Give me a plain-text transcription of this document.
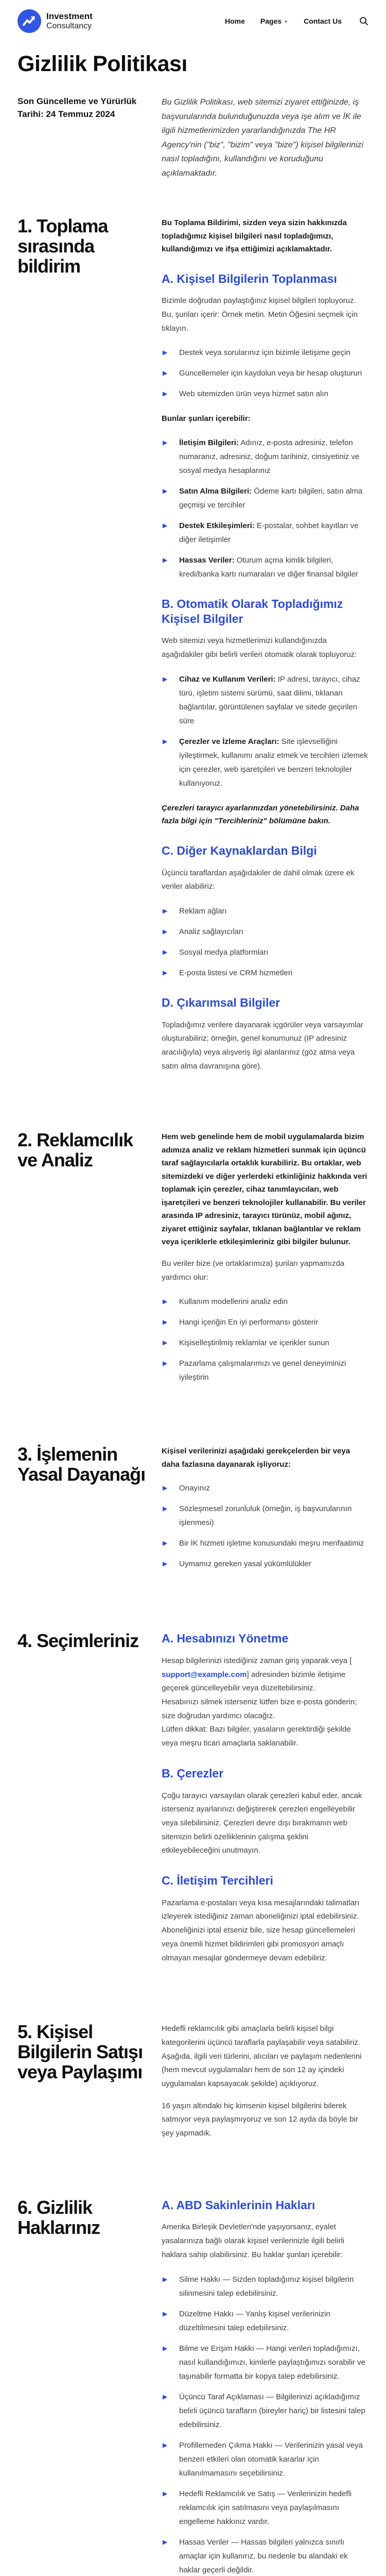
Investment
Consultancy
Home Pages ▼ Contact Us
Gizlilik Politikası
Son Güncelleme ve Yürürlük Tarihi: 24 Temmuz 2024
Bu Gizlilik Politikası, web sitemizi ziyaret ettiğinizde, iş başvurularında bulunduğunuzda veya işe alım ve İK ile ilgili hizmetlerimizden yararlandığınızda The HR Agency'nin ("biz", "bizim" veya "bize") kişisel bilgilerinizi nasıl topladığını, kullandığını ve koruduğunu açıklamaktadır.
1. Toplama sırasında bildirim

Bu Toplama Bildirimi, sizden veya sizin hakkınızda topladığımız kişisel bilgileri nasıl topladığımızı, kullandığımızı ve ifşa ettiğimizi açıklamaktadır.

A. Kişisel Bilgilerin Toplanması

Bizimle doğrudan paylaştığınız kişisel bilgileri topluyoruz. Bu, şunları içerir: Örnek metin. Metin Öğesini seçmek için tıklayın.

▶ Destek veya sorularınız için bizimle iletişime geçin
▶ Güncellemeler için kaydolun veya bir hesap oluşturun
▶ Web sitemizden ürün veya hizmet satın alın

Bunlar şunları içerebilir:

▶ İletişim Bilgileri: Adınız, e-posta adresiniz, telefon numaranız, adresiniz, doğum tarihiniz, cinsiyetiniz ve sosyal medya hesaplarınız
▶ Satın Alma Bilgileri: Ödeme kartı bilgileri, satın alma geçmişi ve tercihler
▶ Destek Etkileşimleri: E-postalar, sohbet kayıtları ve diğer iletişimler
▶ Hassas Veriler: Oturum açma kimlik bilgileri, kredi/banka kartı numaraları ve diğer finansal bilgiler
B. Otomatik Olarak Topladığımız Kişisel Bilgiler

Web sitemizi veya hizmetlerimizi kullandığınızda aşağıdakiler gibi belirli verileri otomatik olarak topluyoruz:

▶ Cihaz ve Kullanım Verileri: IP adresi, tarayıcı, cihaz türü, işletim sistemi sürümü, saat dilimi, tıklanan bağlantılar, görüntülenen sayfalar ve sitede geçirilen süre
▶ Çerezler ve İzleme Araçları: Site işlevselliğini iyileştirmek, kullanımı analiz etmek ve tercihleri izlemek için çerezler, web işaretçileri ve benzeri teknolojiler kullanıyoruz.

Çerezleri tarayıcı ayarlarınızdan yönetebilirsiniz. Daha fazla bilgi için "Tercihleriniz" bölümüne bakın.

C. Diğer Kaynaklardan Bilgi

Üçüncü taraflardan aşağıdakiler de dahil olmak üzere ek veriler alabiliriz:

▶ Reklam ağları
▶ Analiz sağlayıcıları
▶ Sosyal medya platformları
▶ E-posta listesi ve CRM hizmetleri
D. Çıkarımsal Bilgiler

Topladığımız verilere dayanarak içgörüler veya varsayımlar oluşturabiliriz; örneğin, genel konumunuz (IP adresiniz aracılığıyla) veya alışveriş ilgi alanlarınız (göz atma veya satın alma davranışına göre).

2. Reklamcılık ve Analiz

Hem web genelinde hem de mobil uygulamalarda bizim adımıza analiz ve reklam hizmetleri sunmak için üçüncü taraf sağlayıcılarla ortaklık kurabiliriz. Bu ortaklar, web sitemizdeki ve diğer yerlerdeki etkinliğiniz hakkında veri toplamak için çerezler, cihaz tanımlayıcıları, web işaretçileri ve benzeri teknolojiler kullanabilir. Bu veriler arasında IP adresiniz, tarayıcı türünüz, mobil ağınız, ziyaret ettiğiniz sayfalar, tıklanan bağlantılar ve reklam veya içeriklerle etkileşimleriniz gibi bilgiler bulunur.

Bu veriler bize (ve ortaklarımıza) şunları yapmamızda yardımcı olur:

▶ Kullanım modellerini analiz edin
▶ Hangi içeriğin En iyi performansı gösterir
▶ Kişiselleştirilmiş reklamlar ve içerikler sunun
▶ Pazarlama çalışmalarımızı ve genel deneyiminizi iyileştirin
3. İşlemenin Yasal Dayanağı

Kişisel verilerinizi aşağıdaki gerekçelerden bir veya daha fazlasına dayanarak işliyoruz:

▶ Onayınız
▶ Sözleşmesel zorunluluk (örneğin, iş başvurularının işlenmesi)
▶ Bir İK hizmeti işletme konusundaki meşru menfaatimiz
▶ Uymamız gereken yasal yükümlülükler
4. Seçimleriniz	A. Hesabınızı Yönetme

Hesap bilgilerinizi istediğiniz zaman giriş yaparak veya [ support@example.com] adresinden bizimle iletişime geçerek güncelleyebilir veya düzeltebilirsiniz.
Hesabınızı silmek isterseniz lütfen bize e-posta gönderin; size doğrudan yardımcı olacağız.
Lütfen dikkat: Bazı bilgiler, yasaların gerektirdiği şekilde veya meşru ticari amaçlarla saklanabilir.

B. Çerezler

Çoğu tarayıcı varsayılan olarak çerezleri kabul eder, ancak isterseniz ayarlarınızı değiştirerek çerezleri engelleyebilir veya silebilirsiniz. Çerezleri devre dışı bırakmanın web sitemizin belirli özelliklerinin çalışma şeklini etkileyebileceğini unutmayın.

C. İletişim Tercihleri

Pazarlama e-postaları veya kısa mesajlarındaki talimatları izleyerek istediğiniz zaman aboneliğinizi iptal edebilirsiniz. Aboneliğinizi iptal etseniz bile, size hesap güncellemeleri veya önemli hizmet bildirimleri gibi promosyon amaçlı olmayan mesajlar göndermeye devam edebiliriz.

5. Kişisel Bilgilerin Satışı veya Paylaşımı

Hedefli reklamcılık gibi amaçlarla belirli kişisel bilgi kategorilerini üçüncü taraflarla paylaşabilir veya satabiliriz. Aşağıda, ilgili veri türlerini, alıcıları ve paylaşım nedenlerini (hem mevcut uygulamaları hem de son 12 ay içindeki uygulamaları kapsayacak şekilde) açıklıyoruz.

16 yaşın altındaki hiç kimsenin kişisel bilgilerini bilerek satmıyor veya paylaşmıyoruz ve son 12 ayda da böyle bir şey yapmadık.

6. Gizlilik Haklarınız
A. ABD Sakinlerinin Hakları

Amerika Birleşik Devletleri'nde yaşıyorsanız, eyalet yasalarınıza bağlı olarak kişisel verilerinizle ilgili belirli haklara sahip olabilirsiniz. Bu haklar şunları içerebilir:

▶ Silme Hakkı — Sizden topladığımız kişisel bilgilerin silinmesini talep edebilirsiniz.
▶ Düzeltme Hakkı — Yanlış kişisel verilerinizin düzeltilmesini talep edebilirsiniz.
▶ Bilme ve Erişim Hakkı — Hangi verileri topladığımızı, nasıl kullandığımızı, kimlerle paylaştığımızı sorabilir ve taşınabilir formatta bir kopya talep edebilirsiniz.
▶ Üçüncü Taraf Açıklaması — Bilgilerinizi açıkladığımız belirli üçüncü tarafların (bireyler hariç) bir listesini talep edebilirsiniz.
▶ Profillemeden Çıkma Hakkı — Verilerinizin yasal veya benzeri etkileri olan otomatik kararlar için kullanılmamasını seçebilirsiniz.
▶ Hedefli Reklamcılık ve Satış — Verilerinizin hedefli reklamcılık için satılmasını veya paylaşılmasını engelleme hakkınız vardır.
▶ Hassas Veriler — Hassas bilgileri yalnızca sınırlı amaçlar için kullanırız, bu nedenle bu alandaki ek haklar geçerli değildir.
